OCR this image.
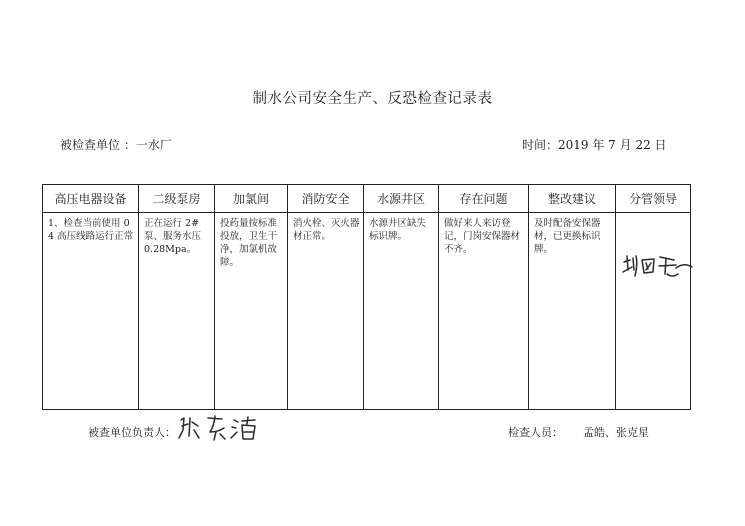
制水公司安全生产、反恐检查记录表
被检查单位 ：一水厂	时间：2019 年 7 月 22 日
高压电器设备	二级泵房	加氯间	消防安全	水源井区	存在问题	整改建议	分管领导
1、检查当前使用 04 高压线路运行正常	正在运行 2#泵、服务水压 0.28Mpa。	投药量按标准投放，卫生干净，加氯机故障。	消火栓、灭火器材正常。	水源井区缺失标识牌。	做好来人来访登记，门岗安保器材不齐。	及时配备安保器材，已更换标识牌。	
被查单位负责人：	检查人员： 孟皓、张克星
